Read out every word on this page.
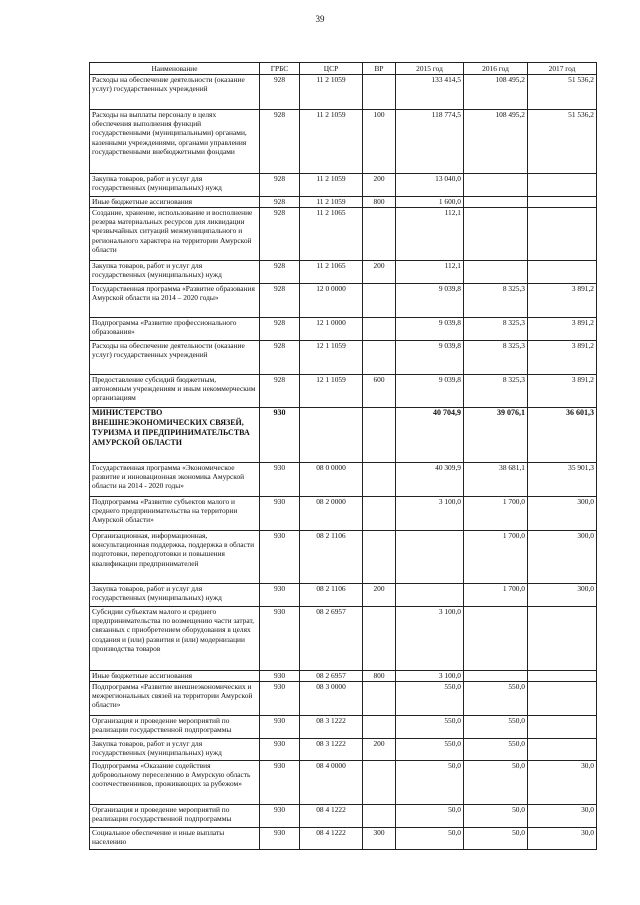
39
Наименование	ГРБС	ЦСР	ВР	2015 год	2016 год	2017 год
Расходы на обеспечение деятельности (оказание услуг) государственных учреждений	928	11 2 1059		133 414,5	108 495,2	51 536,2
Расходы на выплаты персоналу в целях обеспечения выполнения функций государственными (муниципальными) органами, казенными учреждениями, органами управления государственными внебюджетными фондами	928	11 2 1059	100	118 774,5	108 495,2	51 536,2
Закупка товаров, работ и услуг для государственных (муниципальных) нужд	928	11 2 1059	200	13 040,0		
Иные бюджетные ассигнования	928	11 2 1059	800	1 600,0		
Создание, хранение, использование и восполнение резерва материальных ресурсов для ликвидации чрезвычайных ситуаций межмуниципального и регионального характера на территории Амурской области	928	11 2 1065		112,1		
Закупка товаров, работ и услуг для государственных (муниципальных) нужд	928	11 2 1065	200	112,1		
Государственная программа «Развитие образования Амурской области на 2014 – 2020 годы»	928	12 0 0000		9 039,8	8 325,3	3 891,2
Подпрограмма «Развитие профессионального образования»	928	12 1 0000		9 039,8	8 325,3	3 891,2
Расходы на обеспечение деятельности (оказание услуг) государственных учреждений	928	12 1 1059		9 039,8	8 325,3	3 891,2
Предоставление субсидий бюджетным, автономным учреждениям и иным некоммерческим организациям	928	12 1 1059	600	9 039,8	8 325,3	3 891,2
МИНИСТЕРСТВО ВНЕШНЕЭКОНОМИЧЕСКИХ СВЯЗЕЙ, ТУРИЗМА И ПРЕДПРИНИМАТЕЛЬСТВА АМУРСКОЙ ОБЛАСТИ	930			40 704,9	39 076,1	36 601,3
Государственная программа «Экономическое развитие и инновационная экономика Амурской области на 2014 - 2020 годы»	930	08 0 0000		40 309,9	38 681,1	35 901,3
Подпрограмма «Развитие субъектов малого и среднего предпринимательства на территории Амурской области»	930	08 2 0000		3 100,0	1 700,0	300,0
Организационная, информационная, консультационная поддержка, поддержка в области подготовки, переподготовки и повышения квалификации предпринимателей	930	08 2 1106			1 700,0	300,0
Закупка товаров, работ и услуг для государственных (муниципальных) нужд	930	08 2 1106	200		1 700,0	300,0
Субсидии субъектам малого и среднего предпринимательства по возмещению части затрат, связанных с приобретением оборудования в целях создания и (или) развития и (или) модернизации производства товаров	930	08 2 6957		3 100,0		
Иные бюджетные ассигнования	930	08 2 6957	800	3 100,0		
Подпрограмма «Развитие внешнеэкономических и межрегиональных связей на территории Амурской области»	930	08 3 0000		550,0	550,0	
Организация и проведение мероприятий по реализации государственной подпрограммы	930	08 3 1222		550,0	550,0	
Закупка товаров, работ и услуг для государственных (муниципальных) нужд	930	08 3 1222	200	550,0	550,0	
Подпрограмма «Оказание содействия добровольному переселению в Амурскую область соотечественников, проживающих за рубежом»	930	08 4 0000		50,0	50,0	30,0
Организация и проведение мероприятий по реализации государственной подпрограммы	930	08 4 1222		50,0	50,0	30,0
Социальное обеспечение и иные выплаты населению	930	08 4 1222	300	50,0	50,0	30,0
